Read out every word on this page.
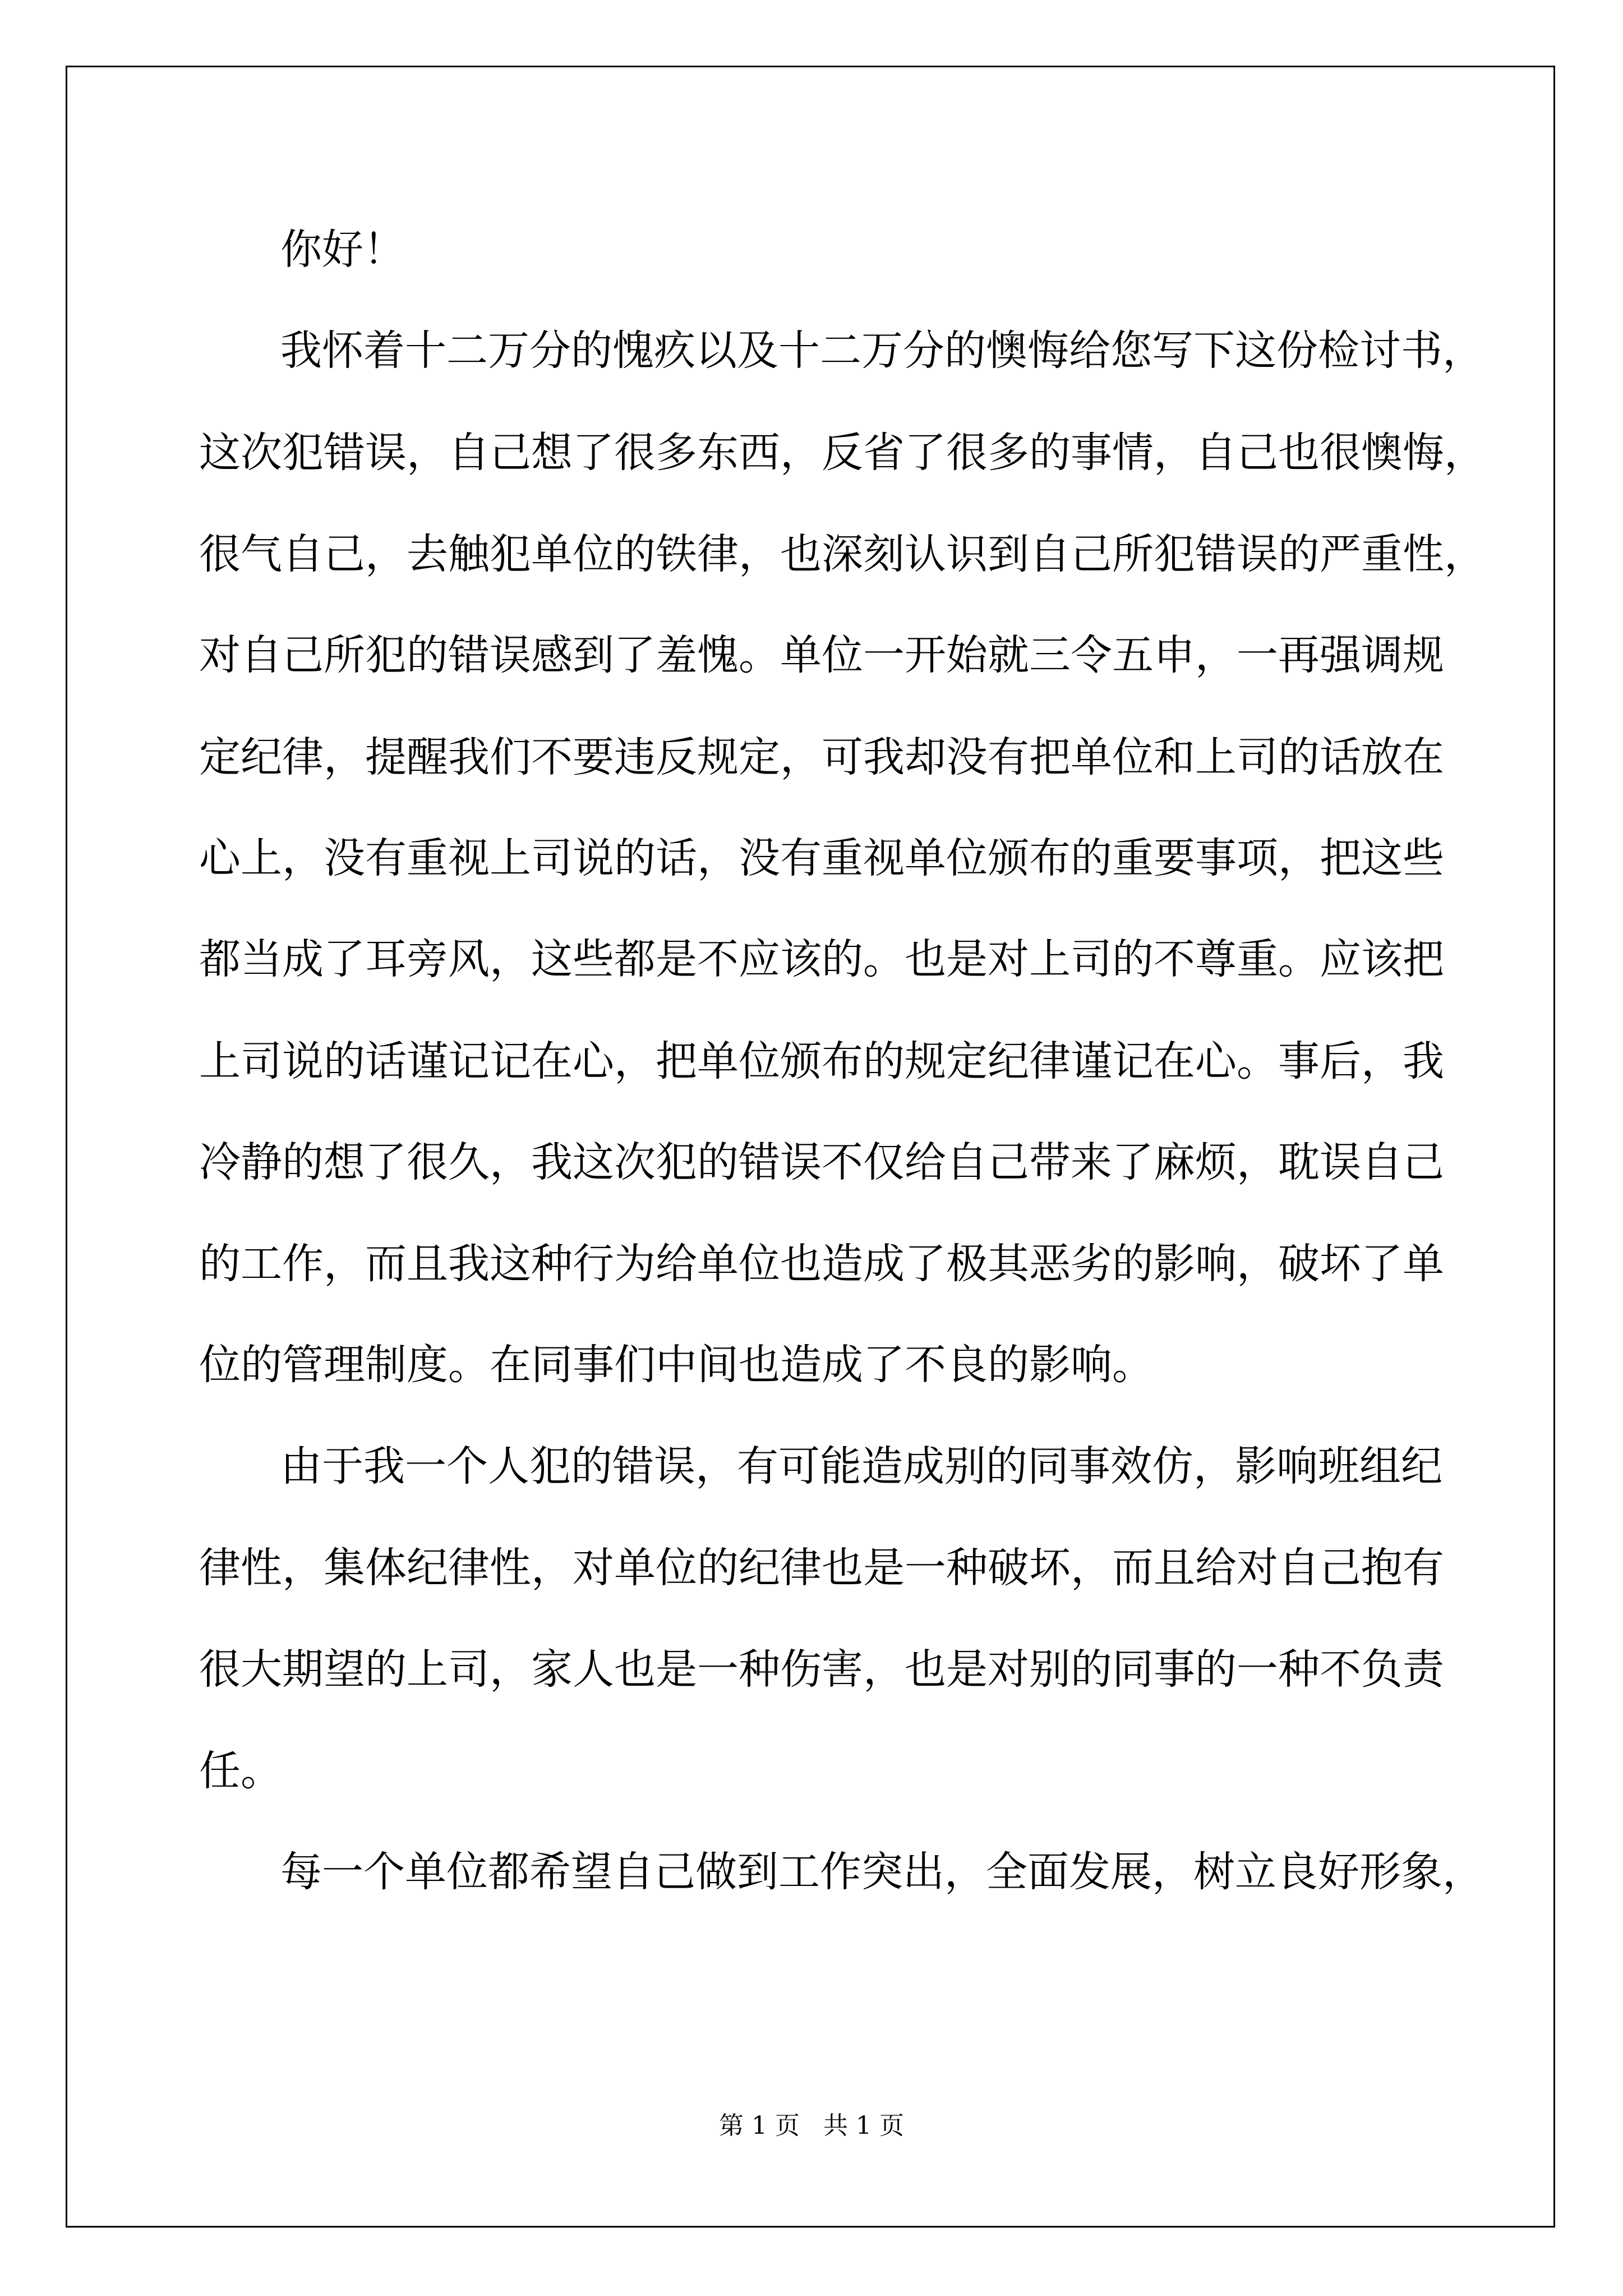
你好！
我怀着十二万分的愧疚以及十二万分的懊悔给您写下这份检讨书，
这次犯错误，自己想了很多东西，反省了很多的事情，自己也很懊悔，
很气自己，去触犯单位的铁律，也深刻认识到自己所犯错误的严重性，
对自己所犯的错误感到了羞愧。单位一开始就三令五申，一再强调规
定纪律，提醒我们不要违反规定，可我却没有把单位和上司的话放在
心上，没有重视上司说的话，没有重视单位颁布的重要事项，把这些
都当成了耳旁风，这些都是不应该的。也是对上司的不尊重。应该把
上司说的话谨记记在心，把单位颁布的规定纪律谨记在心。事后，我
冷静的想了很久，我这次犯的错误不仅给自己带来了麻烦，耽误自己
的工作，而且我这种行为给单位也造成了极其恶劣的影响，破坏了单
位的管理制度。在同事们中间也造成了不良的影响。
由于我一个人犯的错误，有可能造成别的同事效仿，影响班组纪
律性，集体纪律性，对单位的纪律也是一种破坏，而且给对自己抱有
很大期望的上司，家人也是一种伤害，也是对别的同事的一种不负责
任。
每一个单位都希望自己做到工作突出，全面发展，树立良好形象，
第 1 页   共 1 页
